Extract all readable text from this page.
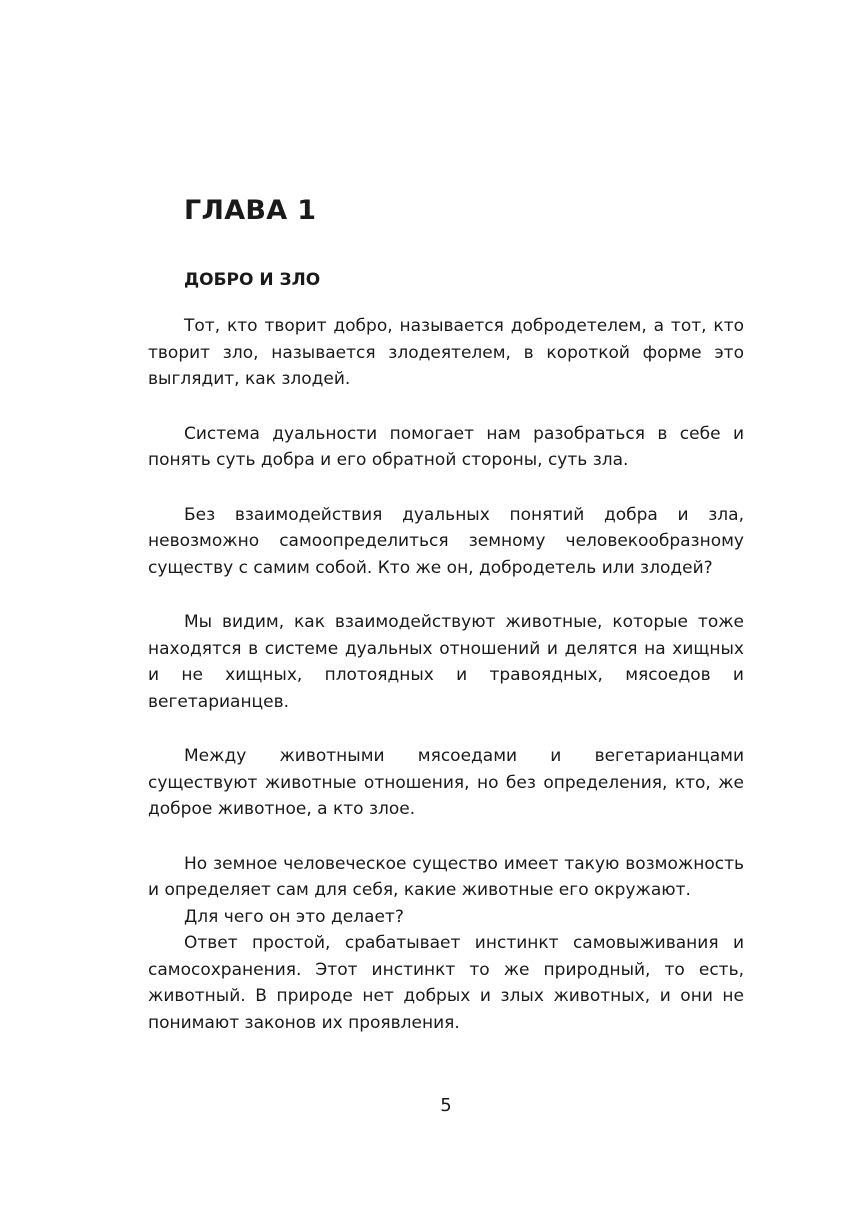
ГЛАВА 1
ДОБРО И ЗЛО

Тот, кто творит добро, называется добродетелем, а тот, кто творит зло, называется злодеятелем, в короткой форме это выглядит, как злодей.

Система дуальности помогает нам разобраться в себе и понять суть добра и его обратной стороны, суть зла.

Без взаимодействия дуальных понятий добра и зла, невозможно самоопределиться земному человекообразному существу с самим собой. Кто же он, добродетель или злодей?

Мы видим, как взаимодействуют животные, которые тоже находятся в системе дуальных отношений и делятся на хищных и не хищных, плотоядных и травоядных, мясоедов и вегетарианцев.

Между животными мясоедами и вегетарианцами существуют животные отношения, но без определения, кто, же доброе животное, а кто злое.

Но земное человеческое существо имеет такую возможность и определяет сам для себя, какие животные его окружают.

Для чего он это делает?

Ответ простой, срабатывает инстинкт самовыживания и самосохранения. Этот инстинкт то же природный, то есть, животный. В природе нет добрых и злых животных, и они не понимают законов их проявления.

5
